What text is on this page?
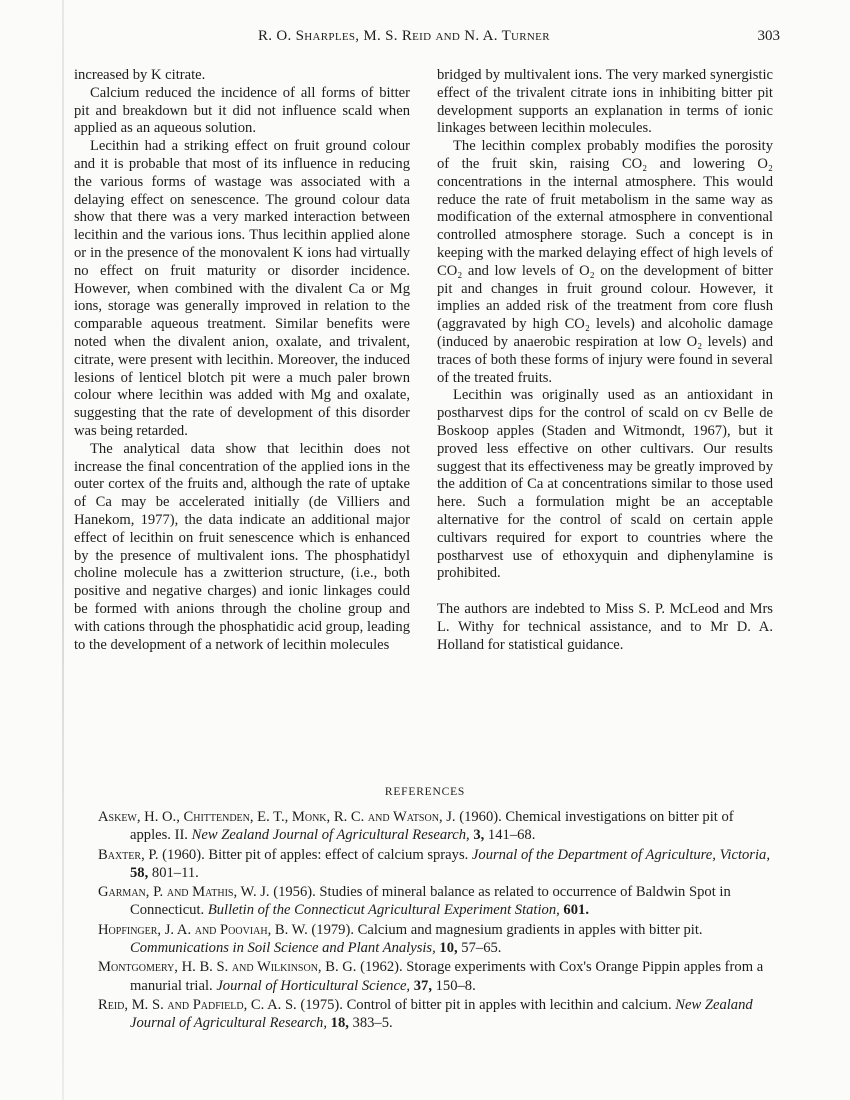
R. O. Sharples, M. S. Reid and N. A. Turner	303

increased by K citrate.

Calcium reduced the incidence of all forms of bitter pit and breakdown but it did not influence scald when applied as an aqueous solution.

Lecithin had a striking effect on fruit ground colour and it is probable that most of its influence in reducing the various forms of wastage was associated with a delaying effect on senescence. The ground colour data show that there was a very marked interaction between lecithin and the various ions. Thus lecithin applied alone or in the presence of the monovalent K ions had virtually no effect on fruit maturity or disorder incidence. However, when combined with the divalent Ca or Mg ions, storage was generally improved in relation to the comparable aqueous treatment. Similar benefits were noted when the divalent anion, oxalate, and trivalent, citrate, were present with lecithin. Moreover, the induced lesions of lenticel blotch pit were a much paler brown colour where lecithin was added with Mg and oxalate, suggesting that the rate of development of this disorder was being retarded.

The analytical data show that lecithin does not increase the final concentration of the applied ions in the outer cortex of the fruits and, although the rate of uptake of Ca may be accelerated initially (de Villiers and Hanekom, 1977), the data indicate an additional major effect of lecithin on fruit senescence which is enhanced by the presence of multivalent ions. The phosphatidyl choline molecule has a zwitterion structure, (i.e., both positive and negative charges) and ionic linkages could be formed with anions through the choline group and with cations through the phosphatidic acid group, leading to the development of a network of lecithin molecules

bridged by multivalent ions. The very marked synergistic effect of the trivalent citrate ions in inhibiting bitter pit development supports an explanation in terms of ionic linkages between lecithin molecules.

The lecithin complex probably modifies the porosity of the fruit skin, raising CO₂ and lowering O₂ concentrations in the internal atmosphere. This would reduce the rate of fruit metabolism in the same way as modification of the external atmosphere in conventional controlled atmosphere storage. Such a concept is in keeping with the marked delaying effect of high levels of CO₂ and low levels of O₂ on the development of bitter pit and changes in fruit ground colour. However, it implies an added risk of the treatment from core flush (aggravated by high CO₂ levels) and alcoholic damage (induced by anaerobic respiration at low O₂ levels) and traces of both these forms of injury were found in several of the treated fruits.

Lecithin was originally used as an antioxidant in postharvest dips for the control of scald on cv Belle de Boskoop apples (Staden and Witmondt, 1967), but it proved less effective on other cultivars. Our results suggest that its effectiveness may be greatly improved by the addition of Ca at concentrations similar to those used here. Such a formulation might be an acceptable alternative for the control of scald on certain apple cultivars required for export to countries where the postharvest use of ethoxyquin and diphenylamine is prohibited.

The authors are indebted to Miss S. P. McLeod and Mrs L. Withy for technical assistance, and to Mr D. A. Holland for statistical guidance.

REFERENCES

Askew, H. O., Chittenden, E. T., Monk, R. C. and Watson, J. (1960). Chemical investigations on bitter pit of apples. II. New Zealand Journal of Agricultural Research, 3, 141–68.

Baxter, P. (1960). Bitter pit of apples: effect of calcium sprays. Journal of the Department of Agriculture, Victoria, 58, 801–11.

Garman, P. and Mathis, W. J. (1956). Studies of mineral balance as related to occurrence of Baldwin Spot in Connecticut. Bulletin of the Connecticut Agricultural Experiment Station, 601.

Hopfinger, J. A. and Pooviah, B. W. (1979). Calcium and magnesium gradients in apples with bitter pit. Communications in Soil Science and Plant Analysis, 10, 57–65.

Montgomery, H. B. S. and Wilkinson, B. G. (1962). Storage experiments with Cox's Orange Pippin apples from a manurial trial. Journal of Horticultural Science, 37, 150–8.

Reid, M. S. and Padfield, C. A. S. (1975). Control of bitter pit in apples with lecithin and calcium. New Zealand Journal of Agricultural Research, 18, 383–5.
